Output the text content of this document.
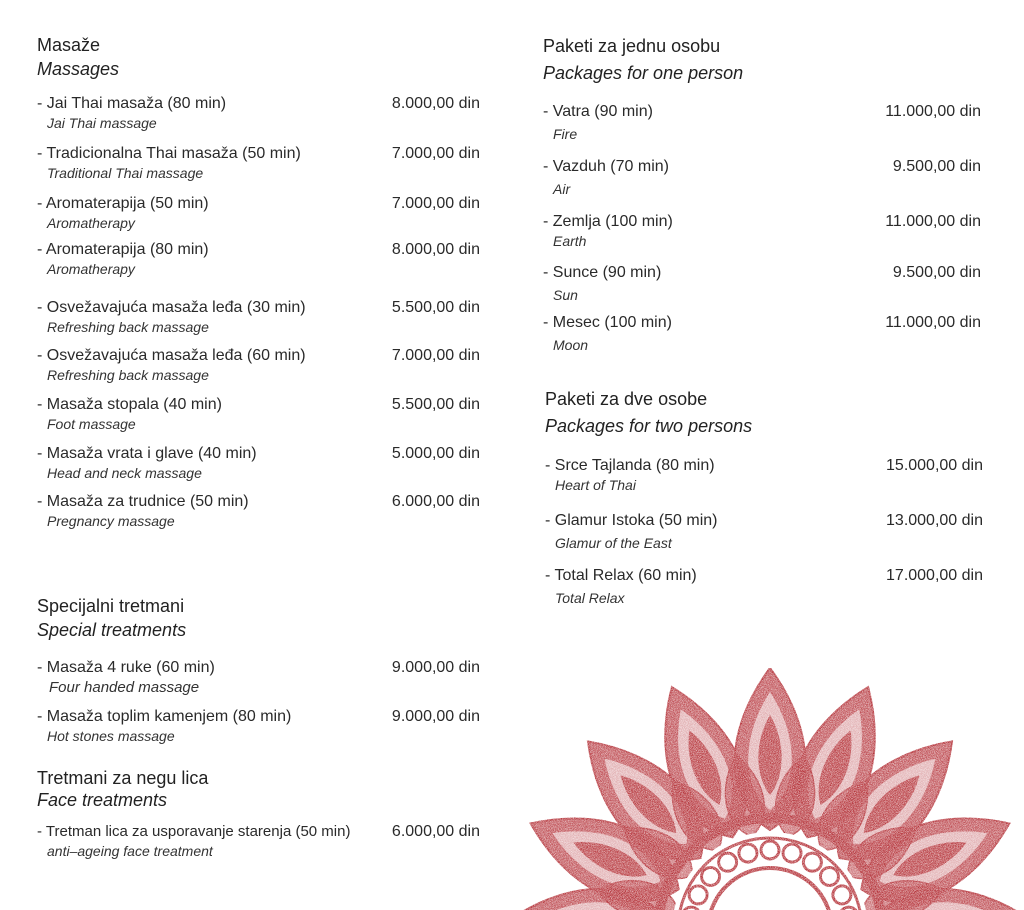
Masaže
Massages
- Jai Thai masaža (80 min)
Jai Thai massage
8.000,00 din
- Tradicionalna Thai masaža (50 min)
Traditional Thai massage
7.000,00 din
- Aromaterapija (50 min)
Aromatherapy
7.000,00 din
- Aromaterapija (80 min)
Aromatherapy
8.000,00 din
- Osvežavajuća masaža leđa (30 min)
Refreshing back massage
5.500,00 din
- Osvežavajuća masaža leđa (60 min)
Refreshing back massage
7.000,00 din
- Masaža stopala (40 min)
Foot massage
5.500,00 din
- Masaža vrata i glave (40 min)
Head and neck massage
5.000,00 din
- Masaža za trudnice (50 min)
Pregnancy massage
6.000,00 din
Specijalni tretmani
Special treatments
- Masaža 4 ruke (60 min)
Four handed massage
9.000,00 din
- Masaža toplim kamenjem (80 min)
Hot stones massage
9.000,00 din
Tretmani za negu lica
Face treatments
- Tretman lica za usporavanje starenja (50 min)
anti–ageing face treatment
6.000,00 din
Paketi za jednu osobu
Packages for one person
- Vatra (90 min)
Fire
11.000,00 din
- Vazduh (70 min)
Air
9.500,00 din
- Zemlja (100 min)
Earth
11.000,00 din
- Sunce (90 min)
Sun
9.500,00 din
- Mesec (100 min)
Moon
11.000,00 din
Paketi za dve osobe
Packages for two persons
- Srce Tajlanda (80 min)
Heart of Thai
15.000,00 din
- Glamur Istoka (50 min)
Glamur of the East
13.000,00 din
- Total Relax (60 min)
Total Relax
17.000,00 din
